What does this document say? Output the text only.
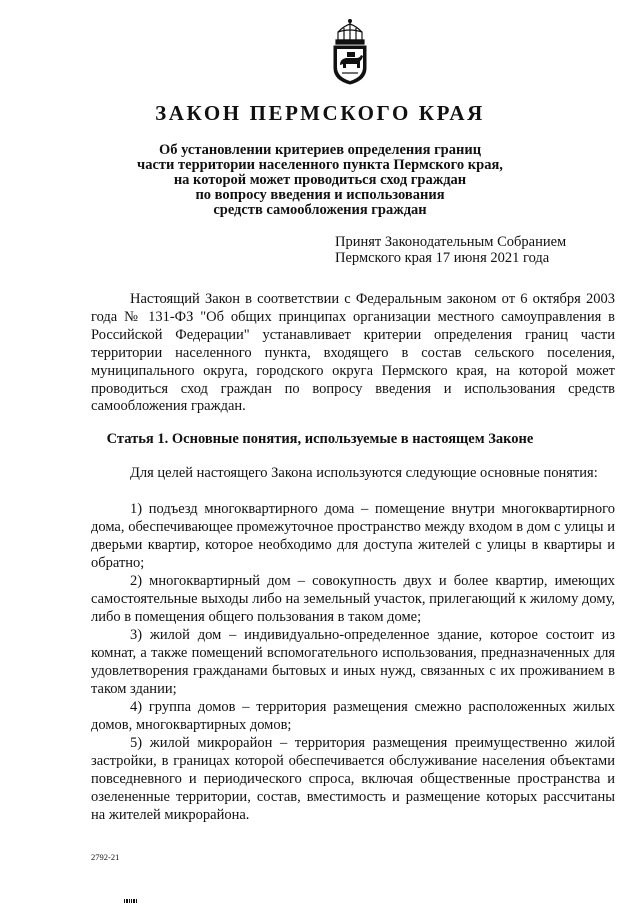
ЗАКОН ПЕРМСКОГО КРАЯ
Об установлении критериев определения границ
части территории населенного пункта Пермского края,
на которой может проводиться сход граждан
по вопросу введения и использования
средств самообложения граждан
Принят Законодательным Собранием
Пермского края 17 июня 2021 года

Настоящий Закон в соответствии с Федеральным законом от 6 октября 2003 года № 131-ФЗ "Об общих принципах организации местного самоуправления в Российской Федерации" устанавливает критерии определения границ части территории населенного пункта, входящего в состав сельского поселения, муниципального округа, городского округа Пермского края, на которой может проводиться сход граждан по вопросу введения и использования средств самообложения граждан.

Статья 1. Основные понятия, используемые в настоящем Законе

Для целей настоящего Закона используются следующие основные понятия:

1) подъезд многоквартирного дома – помещение внутри многоквартирного дома, обеспечивающее промежуточное пространство между входом в дом с улицы и дверьми квартир, которое необходимо для доступа жителей с улицы в квартиры и обратно;

2) многоквартирный дом – совокупность двух и более квартир, имеющих самостоятельные выходы либо на земельный участок, прилегающий к жилому дому, либо в помещения общего пользования в таком доме;

3) жилой дом – индивидуально-определенное здание, которое состоит из комнат, а также помещений вспомогательного использования, предназначенных для удовлетворения гражданами бытовых и иных нужд, связанных с их проживанием в таком здании;

4) группа домов – территория размещения смежно расположенных жилых домов, многоквартирных домов;

5) жилой микрорайон – территория размещения преимущественно жилой застройки, в границах которой обеспечивается обслуживание населения объектами повседневного и периодического спроса, включая общественные пространства и озелененные территории, состав, вместимость и размещение которых рассчитаны на жителей микрорайона.

2792-21
